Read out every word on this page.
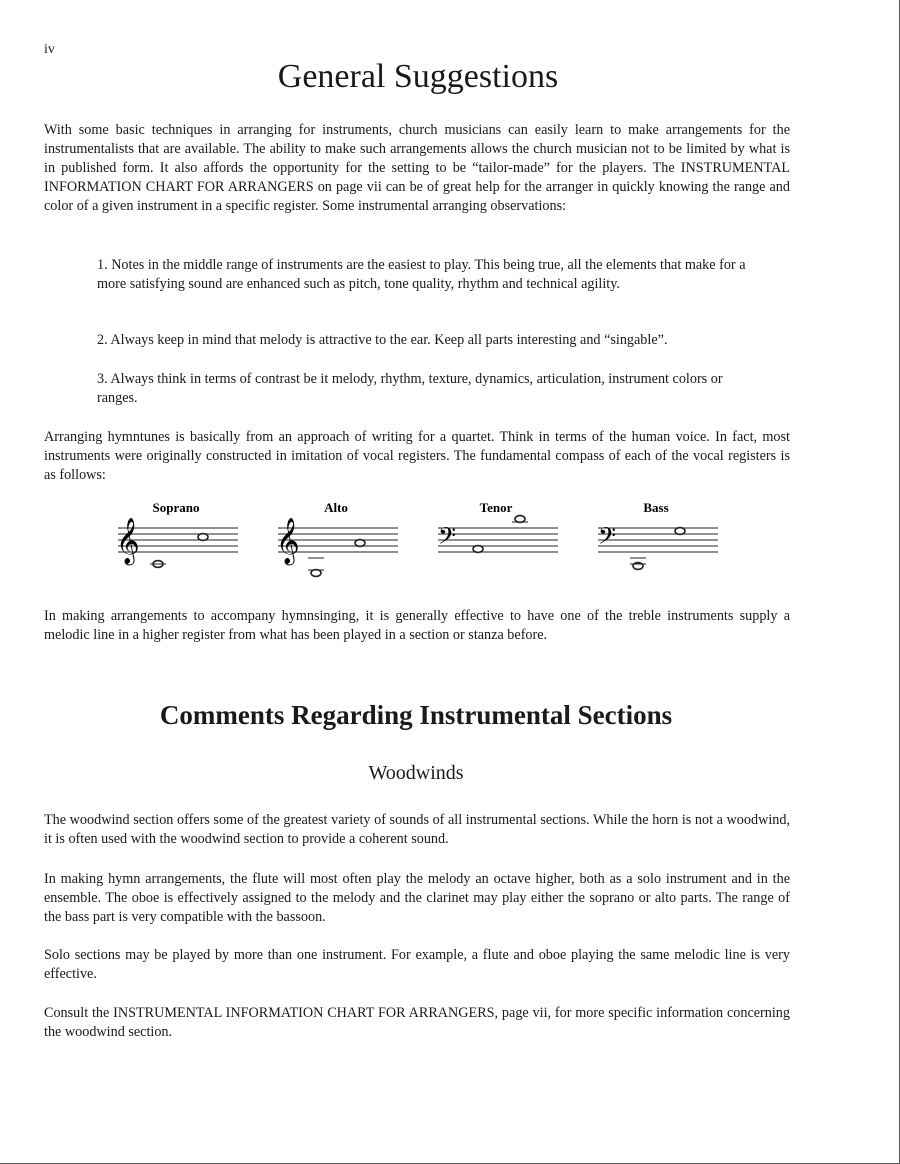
iv
General Suggestions

With some basic techniques in arranging for instruments, church musicians can easily learn to make arrangements for the instrumentalists that are available. The ability to make such arrangements allows the church musician not to be limited by what is in published form. It also affords the opportunity for the setting to be “tailor-made” for the players. The INSTRUMENTAL INFORMATION CHART FOR ARRANGERS on page vii can be of great help for the arranger in quickly knowing the range and color of a given instrument in a specific register. Some instrumental arranging observations:

1. Notes in the middle range of instruments are the easiest to play. This being true, all the elements that make for a more satisfying sound are enhanced such as pitch, tone quality, rhythm and technical agility.

2. Always keep in mind that melody is attractive to the ear. Keep all parts interesting and “singable”.

3. Always think in terms of contrast be it melody, rhythm, texture, dynamics, articulation, instrument colors or ranges.

Arranging hymntunes is basically from an approach of writing for a quartet. Think in terms of the human voice. In fact, most instruments were originally constructed in imitation of vocal registers. The fundamental compass of each of the vocal registers is as follows:

Soprano
𝄞
Alto
𝄞
Tenor
𝄢
Bass
𝄢

In making arrangements to accompany hymnsinging, it is generally effective to have one of the treble instruments supply a melodic line in a higher register from what has been played in a section or stanza before.

Comments Regarding Instrumental Sections
Woodwinds

The woodwind section offers some of the greatest variety of sounds of all instrumental sections. While the horn is not a woodwind, it is often used with the woodwind section to provide a coherent sound.

In making hymn arrangements, the flute will most often play the melody an octave higher, both as a solo instrument and in the ensemble. The oboe is effectively assigned to the melody and the clarinet may play either the soprano or alto parts. The range of the bass part is very compatible with the bassoon.

Solo sections may be played by more than one instrument. For example, a flute and oboe playing the same melodic line is very effective.

Consult the INSTRUMENTAL INFORMATION CHART FOR ARRANGERS, page vii, for more specific information concerning the woodwind section.
